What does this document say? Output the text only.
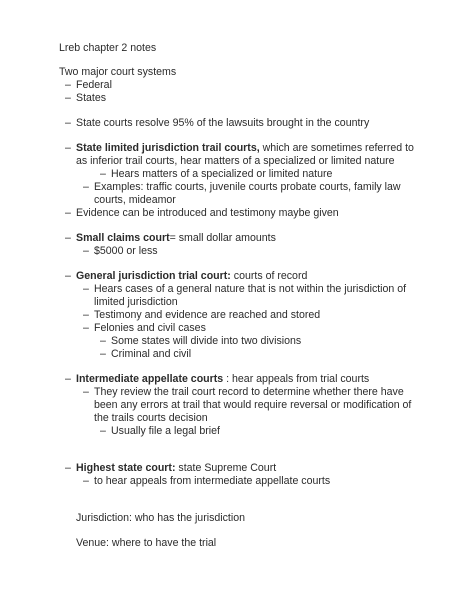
Lreb chapter 2 notes
Two major court systems
– Federal
– States
– State courts resolve 95% of the lawsuits brought in the country
– State limited jurisdiction trail courts, which are sometimes referred to
as inferior trail courts, hear matters of a specialized or limited nature
– Hears matters of a specialized or limited nature
– Examples: traffic courts, juvenile courts probate courts, family law
courts, mideamor
– Evidence can be introduced and testimony maybe given
– Small claims court= small dollar amounts
– $5000 or less
– General jurisdiction trial court: courts of record
– Hears cases of a general nature that is not within the jurisdiction of
limited jurisdiction
– Testimony and evidence are reached and stored
– Felonies and civil cases
– Some states will divide into two divisions
– Criminal and civil
– Intermediate appellate courts : hear appeals from trial courts
– They review the trail court record to determine whether there have
been any errors at trail that would require reversal or modification of
the trails courts decision
– Usually file a legal brief
– Highest state court: state Supreme Court
– to hear appeals from intermediate appellate courts
Jurisdiction: who has the jurisdiction
Venue: where to have the trial
